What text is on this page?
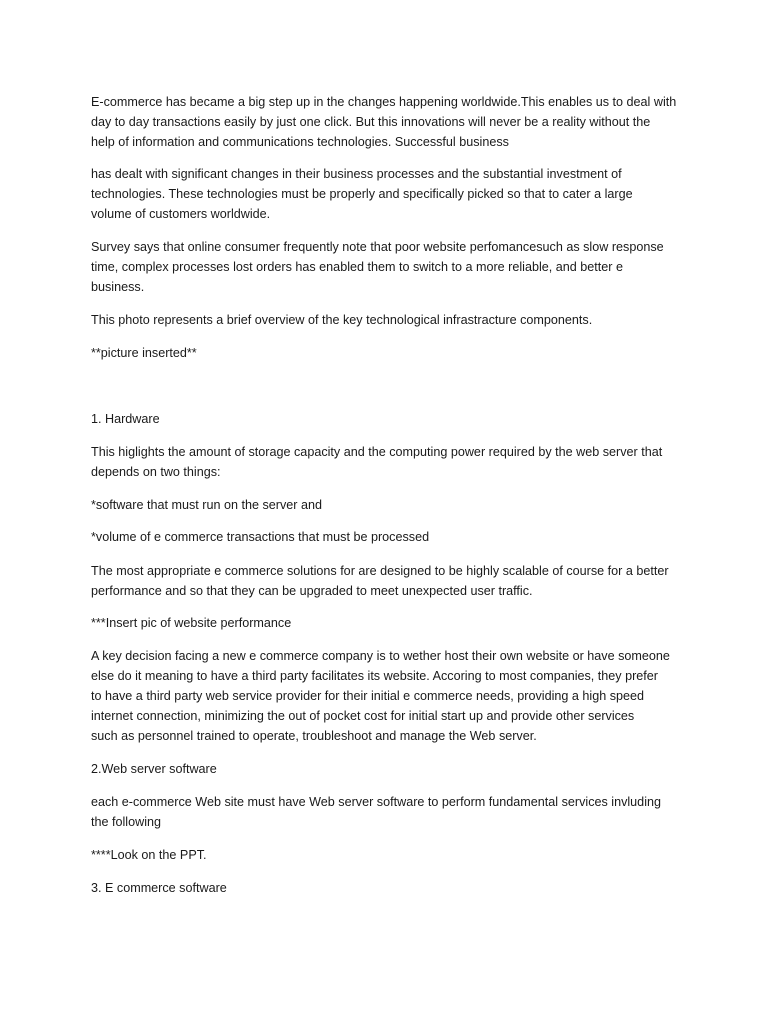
E-commerce has became a big step up in the changes happening worldwide.This enables us to deal with
day to day transactions easily by just one click. But this innovations will never be a reality without the
help of information and communications technologies. Successful business

has dealt with significant changes in their business processes and the substantial investment of
technologies. These technologies must be properly and specifically picked so that to cater a large
volume of customers worldwide.

Survey says that online consumer frequently note that poor website perfomancesuch as slow response
time, complex processes lost orders has enabled them to switch to a more reliable, and better e
business.

This photo represents a brief overview of the key technological infrastracture components.

**picture inserted**

1. Hardware

This higlights the amount of storage capacity and the computing power required by the web server that
depends on two things:

*software that must run on the server and

*volume of e commerce transactions that must be processed

The most appropriate e commerce solutions for are designed to be highly scalable of course for a better
performance and so that they can be upgraded to meet unexpected user traffic.

***Insert pic of website performance

A key decision facing a new e commerce company is to wether host their own website or have someone
else do it meaning to have a third party facilitates its website. Accoring to most companies, they prefer
to have a third party web service provider for their initial e commerce needs, providing a high speed
internet connection, minimizing the out of pocket cost for initial start up and provide other services
such as personnel trained to operate, troubleshoot and manage the Web server.

2.Web server software

each e-commerce Web site must have Web server software to perform fundamental services invluding
the following

****Look on the PPT.

3. E commerce software
